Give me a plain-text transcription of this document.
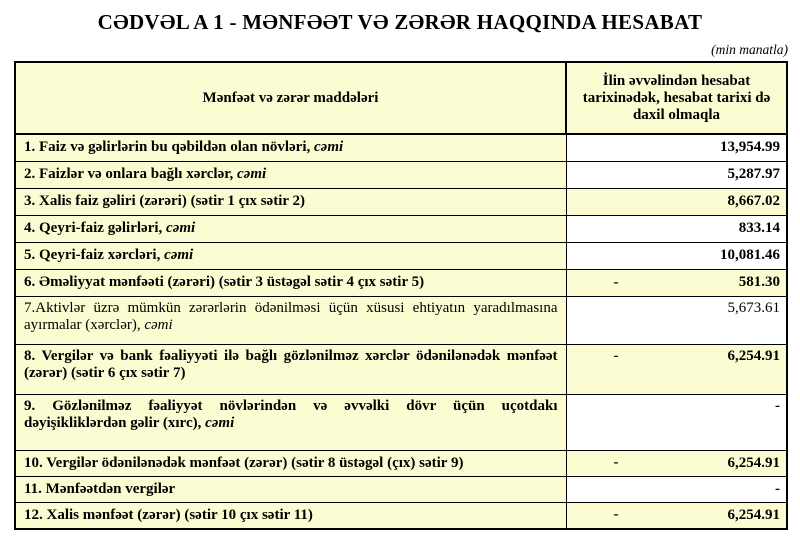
CƏDVƏL A 1 - MƏNFƏƏT VƏ ZƏRƏR HAQQINDA HESABAT
(min manatla)
Mənfəət və zərər maddələri	İlin əvvəlindən hesabat tarixinədək, hesabat tarixi də daxil olmaqla
1. Faiz və gəlirlərin bu qəbildən olan növləri, cəmi	13,954.99
2. Faizlər və onlara bağlı xərclər, cəmi	5,287.97
3. Xalis faiz gəliri (zərəri) (sətir 1 çıx sətir 2)	8,667.02
4. Qeyri-faiz gəlirləri, cəmi	833.14
5. Qeyri-faiz xərcləri, cəmi	10,081.46
6. Əməliyyat mənfəəti (zərəri) (sətir 3 üstəgəl sətir 4 çıx sətir 5)	- 581.30
7.Aktivlər üzrə mümkün zərərlərin ödənilməsi üçün xüsusi ehtiyatın yaradılmasına ayırmalar (xərclər), cəmi	5,673.61
8. Vergilər və bank fəaliyyəti ilə bağlı gözlənilməz xərclər ödənilənədək mənfəət (zərər) (sətir 6 çıx sətir 7)	- 6,254.91
9. Gözlənilməz fəaliyyət növlərindən və əvvəlki dövr üçün uçotdakı dəyişikliklərdən gəlir (xırc), cəmi	-
10. Vergilər ödənilənədək mənfəət (zərər) (sətir 8 üstəgəl (çıx) sətir 9)	- 6,254.91
11. Mənfəətdən vergilər	-
12. Xalis mənfəət (zərər) (sətir 10 çıx sətir 11)	- 6,254.91
